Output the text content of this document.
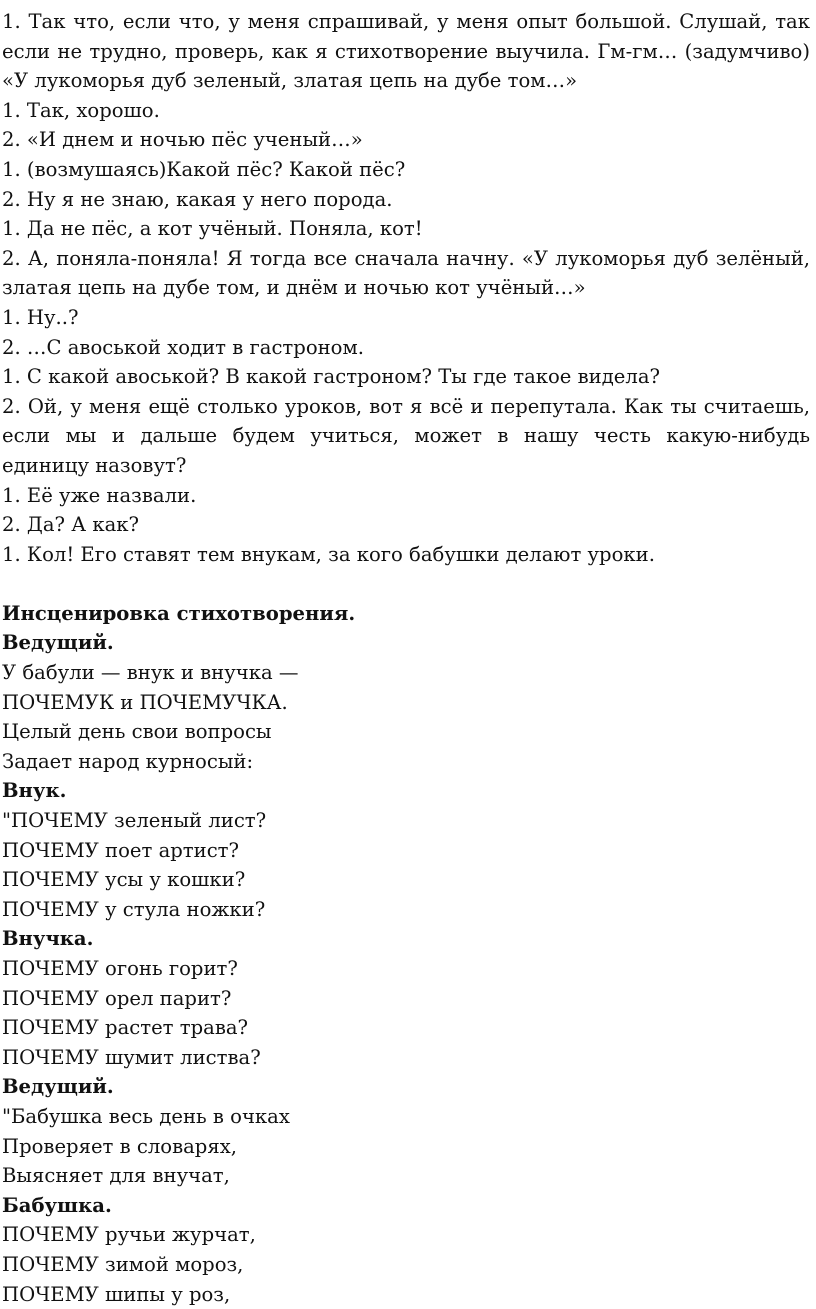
1. Так что, если что, у меня спрашивай, у меня опыт большой. Слушай, так если не трудно, проверь, как я стихотворение выучила. Гм-гм… (задумчиво) «У лукоморья дуб зеленый, златая цепь на дубе том…»

1. Так, хорошо.

2. «И днем и ночью пёс ученый…»

1. (возмушаясь)Какой пёс? Какой пёс?

2. Ну я не знаю, какая у него порода.

1. Да не пёс, а кот учёный. Поняла, кот!

2. А, поняла-поняла! Я тогда все сначала начну. «У лукоморья дуб зелёный, златая цепь на дубе том, и днём и ночью кот учёный…»

1. Ну..?

2. …С авоськой ходит в гастроном.

1. С какой авоськой? В какой гастроном? Ты где такое видела?

2. Ой, у меня ещё столько уроков, вот я всё и перепутала. Как ты считаешь, если мы и дальше будем учиться, может в нашу честь какую-нибудь единицу назовут?

1. Её уже назвали.

2. Да? А как?

1. Кол! Его ставят тем внукам, за кого бабушки делают уроки.

Инсценировка стихотворения.

Ведущий.

У бабули — внук и внучка —

ПОЧЕМУК и ПОЧЕМУЧКА.

Целый день свои вопросы

Задает народ курносый:

Внук.

"ПОЧЕМУ зеленый лист?

ПОЧЕМУ поет артист?

ПОЧЕМУ усы у кошки?

ПОЧЕМУ у стула ножки?

Внучка.

ПОЧЕМУ огонь горит?

ПОЧЕМУ орел парит?

ПОЧЕМУ растет трава?

ПОЧЕМУ шумит листва?

Ведущий.

"Бабушка весь день в очках

Проверяет в словарях,

Выясняет для внучат,

Бабушка.

ПОЧЕМУ ручьи журчат,

ПОЧЕМУ зимой мороз,

ПОЧЕМУ шипы у роз,
